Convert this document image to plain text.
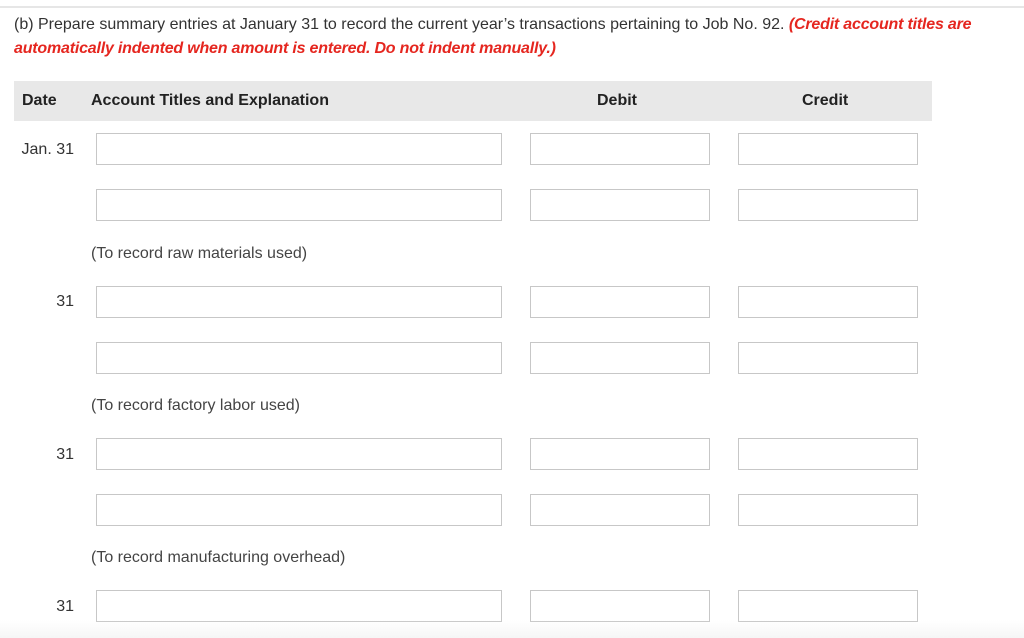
(b) Prepare summary entries at January 31 to record the current year’s transactions pertaining to Job No. 92. (Credit account titles are automatically indented when amount is entered. Do not indent manually.)
Date Account Titles and Explanation	Debit	Credit
Jan. 31
(To record raw materials used)
31
(To record factory labor used)
31
(To record manufacturing overhead)
31
